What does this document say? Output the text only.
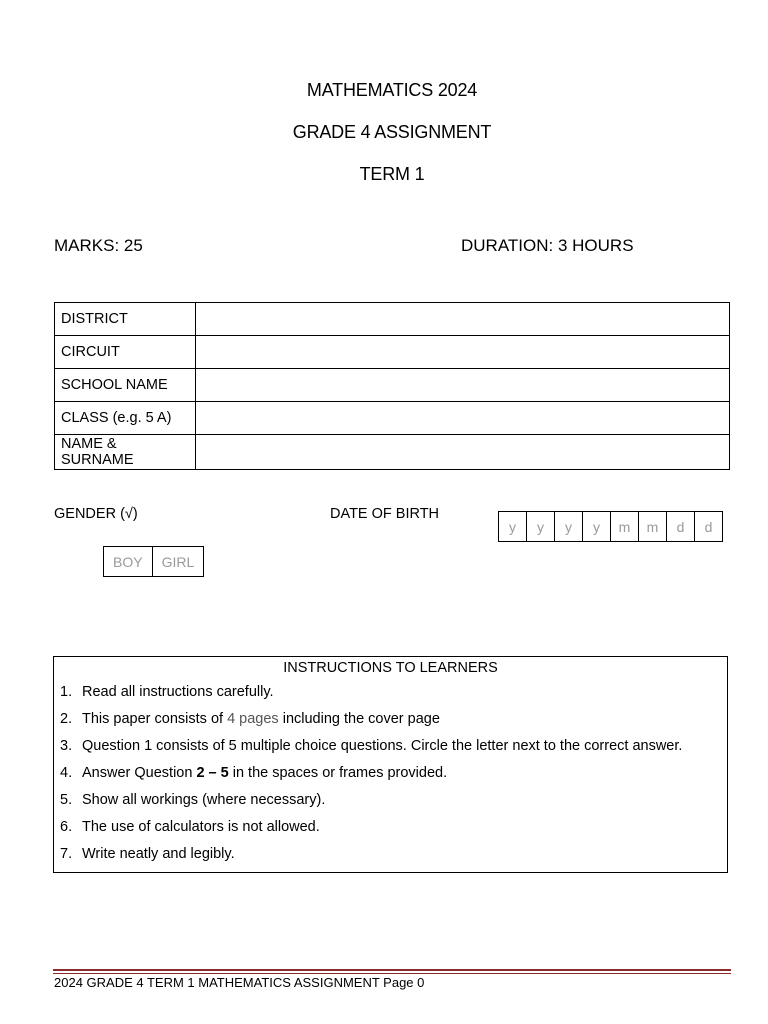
MATHEMATICS 2024
GRADE 4 ASSIGNMENT
TERM 1
MARKS: 25	DURATION: 3 HOURS
DISTRICT	
CIRCUIT	
SCHOOL NAME	
CLASS (e.g. 5 A)	
NAME &
SURNAME	
GENDER (√)	DATE OF BIRTH
BOY	GIRL
y	y	y	y	m	m	d	d
INSTRUCTIONS TO LEARNERS
1. Read all instructions carefully.
2. This paper consists of 4 pages including the cover page
3. Question 1 consists of 5 multiple choice questions. Circle the letter next to the correct answer.
4. Answer Question 2 – 5 in the spaces or frames provided.
5. Show all workings (where necessary).
6. The use of calculators is not allowed.
7. Write neatly and legibly.
2024 GRADE 4 TERM 1 MATHEMATICS ASSIGNMENT Page 0
